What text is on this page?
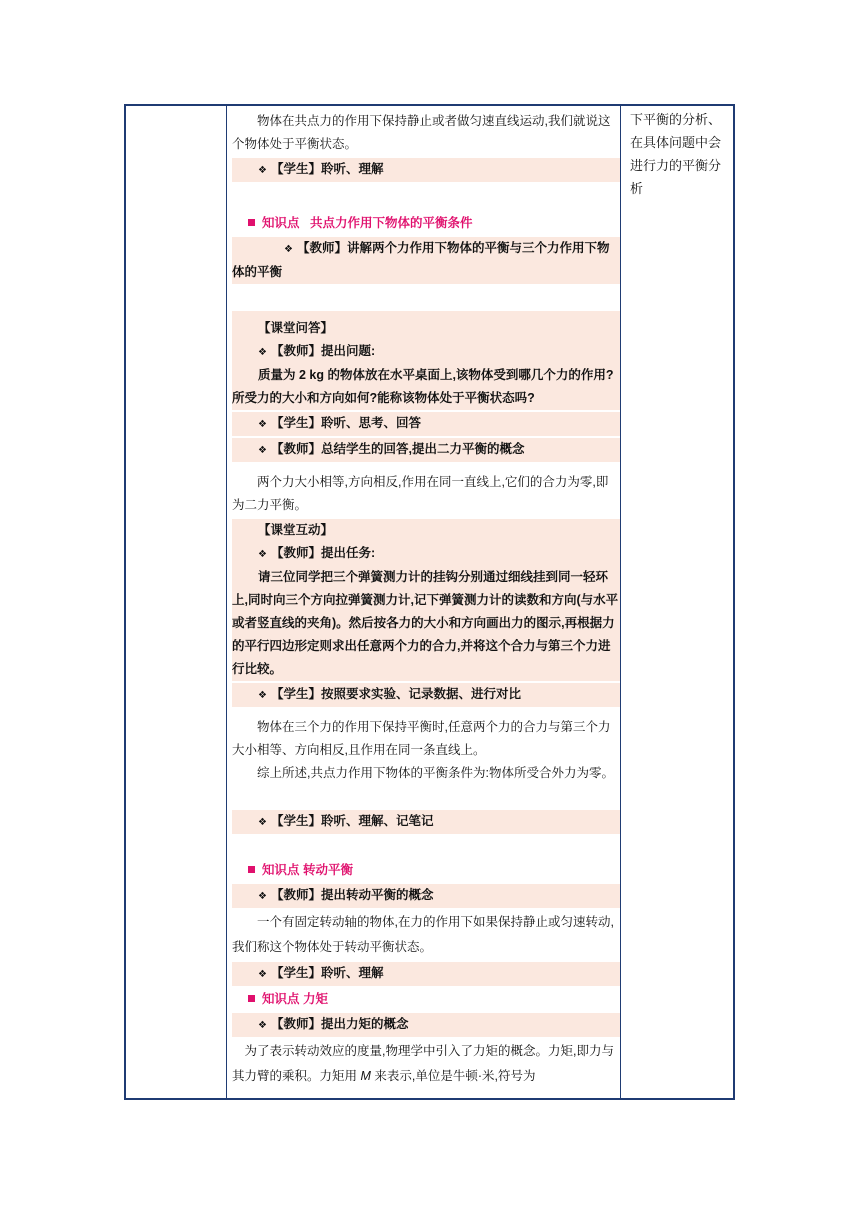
下平衡的分析、在具体问题中会进行力的平衡分析
物体在共点力的作用下保持静止或者做匀速直线运动,我们就说这个物体处于平衡状态。
❖ 【学生】聆听、理解
知识点 共点力作用下物体的平衡条件
❖ 【教师】讲解两个力作用下物体的平衡与三个力作用下物体的平衡
【课堂问答】
❖ 【教师】提出问题:
质量为 2 kg 的物体放在水平桌面上,该物体受到哪几个力的作用?所受力的大小和方向如何?能称该物体处于平衡状态吗?
❖ 【学生】聆听、思考、回答
❖ 【教师】总结学生的回答,提出二力平衡的概念
两个力大小相等,方向相反,作用在同一直线上,它们的合力为零,即为二力平衡。
【课堂互动】
❖ 【教师】提出任务:
请三位同学把三个弹簧测力计的挂钩分别通过细线挂到同一轻环上,同时向三个方向拉弹簧测力计,记下弹簧测力计的读数和方向(与水平或者竖直线的夹角)。然后按各力的大小和方向画出力的图示,再根据力的平行四边形定则求出任意两个力的合力,并将这个合力与第三个力进行比较。
❖ 【学生】按照要求实验、记录数据、进行对比
物体在三个力的作用下保持平衡时,任意两个力的合力与第三个力大小相等、方向相反,且作用在同一条直线上。
综上所述,共点力作用下物体的平衡条件为:物体所受合外力为零。
❖ 【学生】聆听、理解、记笔记
知识点 转动平衡
❖ 【教师】提出转动平衡的概念
一个有固定转动轴的物体,在力的作用下如果保持静止或匀速转动,我们称这个物体处于转动平衡状态。
❖ 【学生】聆听、理解
知识点 力矩
❖ 【教师】提出力矩的概念
为了表示转动效应的度量,物理学中引入了力矩的概念。力矩,即力与其力臂的乘积。力矩用 M 来表示,单位是牛顿·米,符号为
